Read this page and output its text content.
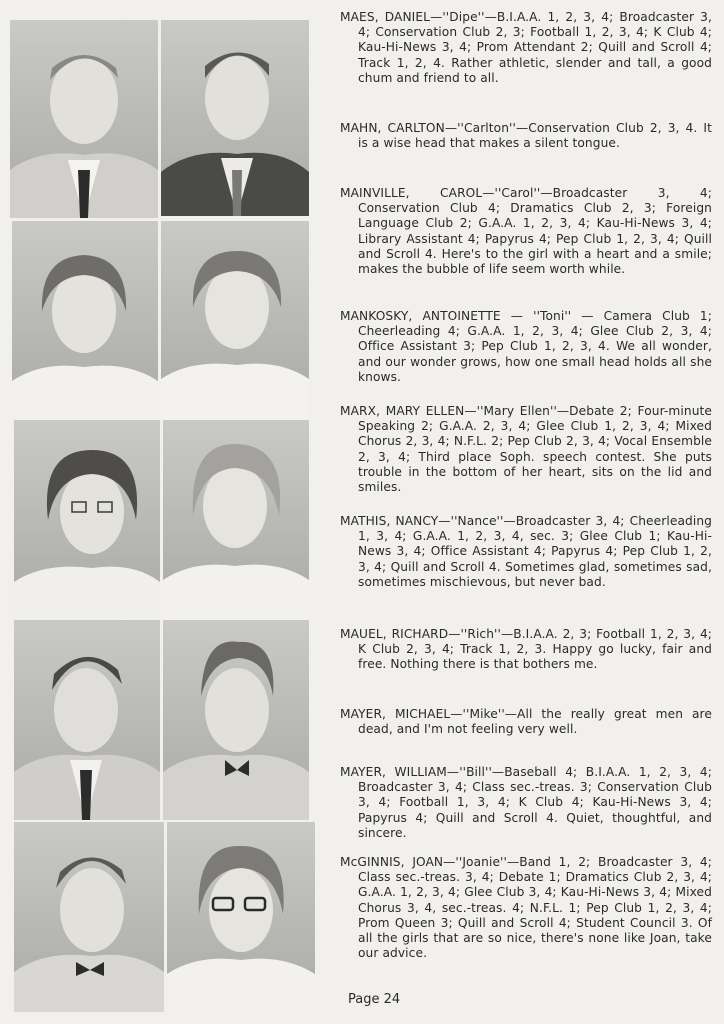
MAES, DANIEL—''Dipe''—B.I.A.A. 1, 2, 3, 4; Broadcaster 3, 4; Conservation Club 2, 3; Football 1, 2, 3, 4; K Club 4; Kau-Hi-News 3, 4; Prom Attendant 2; Quill and Scroll 4; Track 1, 2, 4. Rather athletic, slender and tall, a good chum and friend to all.

MAHN, CARLTON—''Carlton''—Conservation Club 2, 3, 4. It is a wise head that makes a silent tongue.

MAINVILLE, CAROL—''Carol''—Broadcaster 3, 4; Conservation Club 4; Dramatics Club 2, 3; Foreign Language Club 2; G.A.A. 1, 2, 3, 4; Kau-Hi-News 3, 4; Library Assistant 4; Papyrus 4; Pep Club 1, 2, 3, 4; Quill and Scroll 4. Here's to the girl with a heart and a smile; makes the bubble of life seem worth while.

MANKOSKY, ANTOINETTE — ''Toni'' — Camera Club 1; Cheerleading 4; G.A.A. 1, 2, 3, 4; Glee Club 2, 3, 4; Office Assistant 3; Pep Club 1, 2, 3, 4. We all wonder, and our wonder grows, how one small head holds all she knows.

MARX, MARY ELLEN—''Mary Ellen''—Debate 2; Four-minute Speaking 2; G.A.A. 2, 3, 4; Glee Club 1, 2, 3, 4; Mixed Chorus 2, 3, 4; N.F.L. 2; Pep Club 2, 3, 4; Vocal Ensemble 2, 3, 4; Third place Soph. speech contest. She puts trouble in the bottom of her heart, sits on the lid and smiles.

MATHIS, NANCY—''Nance''—Broadcaster 3, 4; Cheerleading 1, 3, 4; G.A.A. 1, 2, 3, 4, sec. 3; Glee Club 1; Kau-Hi-News 3, 4; Office Assistant 4; Papyrus 4; Pep Club 1, 2, 3, 4; Quill and Scroll 4. Sometimes glad, sometimes sad, sometimes mischievous, but never bad.

MAUEL, RICHARD—''Rich''—B.I.A.A. 2, 3; Football 1, 2, 3, 4; K Club 2, 3, 4; Track 1, 2, 3. Happy go lucky, fair and free. Nothing there is that bothers me.

MAYER, MICHAEL—''Mike''—All the really great men are dead, and I'm not feeling very well.

MAYER, WILLIAM—''Bill''—Baseball 4; B.I.A.A. 1, 2, 3, 4; Broadcaster 3, 4; Class sec.-treas. 3; Conservation Club 3, 4; Football 1, 3, 4; K Club 4; Kau-Hi-News 3, 4; Papyrus 4; Quill and Scroll 4. Quiet, thoughtful, and sincere.

McGINNIS, JOAN—''Joanie''—Band 1, 2; Broadcaster 3, 4; Class sec.-treas. 3, 4; Debate 1; Dramatics Club 2, 3, 4; G.A.A. 1, 2, 3, 4; Glee Club 3, 4; Kau-Hi-News 3, 4; Mixed Chorus 3, 4, sec.-treas. 4; N.F.L. 1; Pep Club 1, 2, 3, 4; Prom Queen 3; Quill and Scroll 4; Student Council 3. Of all the girls that are so nice, there's none like Joan, take our advice.

Page 24
